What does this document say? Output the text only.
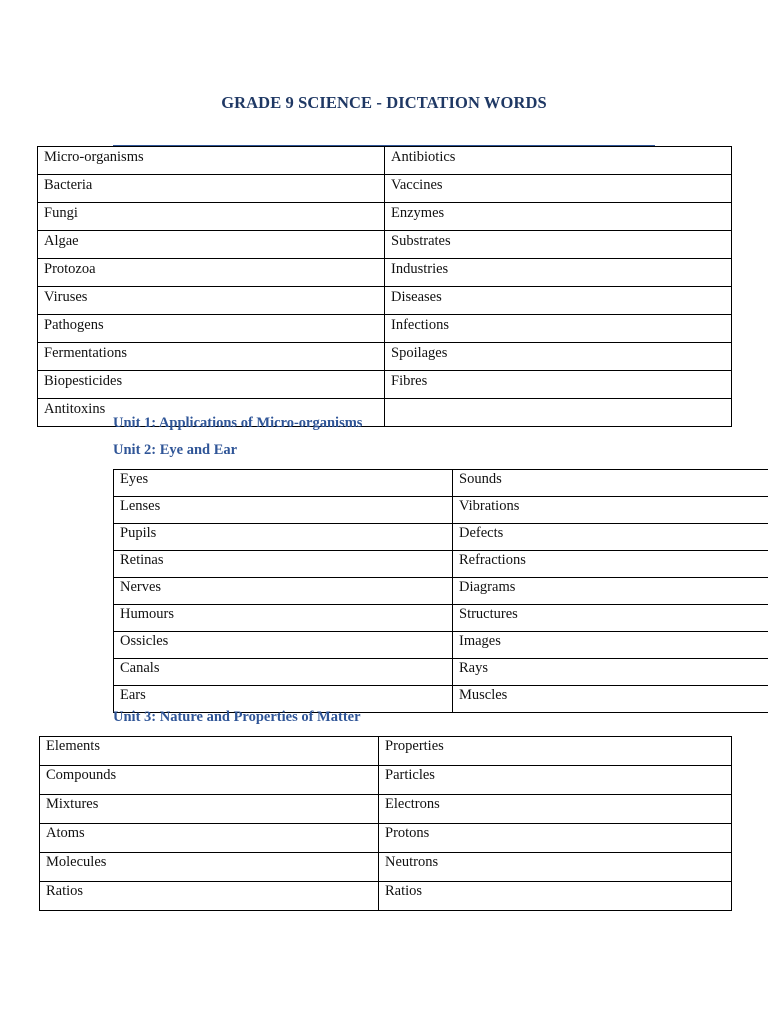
GRADE 9 SCIENCE - DICTATION WORDS
Micro-organisms	Antibiotics
Bacteria	Vaccines
Fungi	Enzymes
Algae	Substrates
Protozoa	Industries
Viruses	Diseases
Pathogens	Infections
Fermentations	Spoilages
Biopesticides	Fibres
Antitoxins	
Unit 1: Applications of Micro-organisms
Unit 2: Eye and Ear
Eyes	Sounds
Lenses	Vibrations
Pupils	Defects
Retinas	Refractions
Nerves	Diagrams
Humours	Structures
Ossicles	Images
Canals	Rays
Ears	Muscles
Unit 3: Nature and Properties of Matter
Elements	Properties
Compounds	Particles
Mixtures	Electrons
Atoms	Protons
Molecules	Neutrons
Ratios	Ratios
